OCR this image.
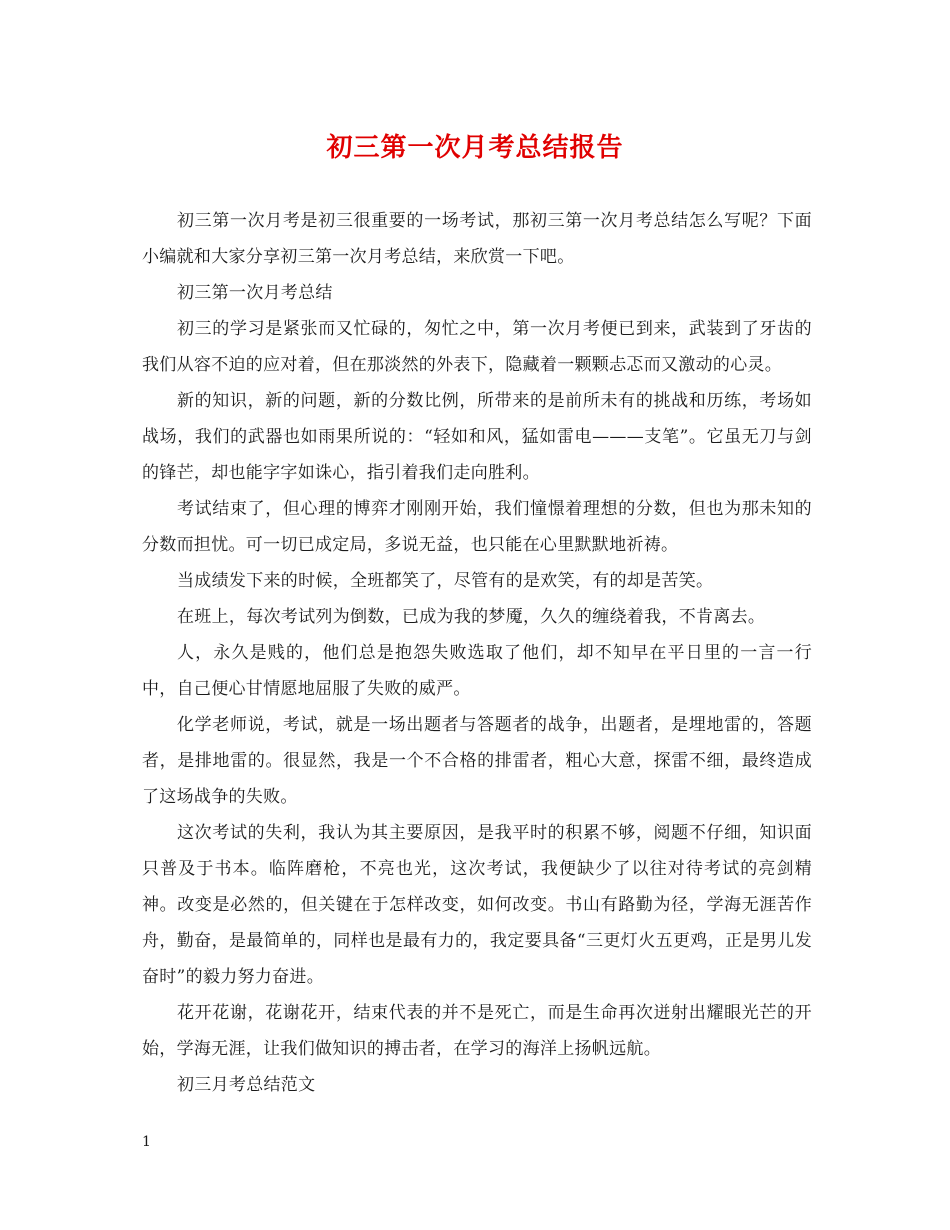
初三第一次月考总结报告

初三第一次月考是初三很重要的一场考试，那初三第一次月考总结怎么写呢？下面小编就和大家分享初三第一次月考总结，来欣赏一下吧。

初三第一次月考总结

初三的学习是紧张而又忙碌的，匆忙之中，第一次月考便已到来，武装到了牙齿的我们从容不迫的应对着，但在那淡然的外表下，隐藏着一颗颗忐忑而又激动的心灵。

新的知识，新的问题，新的分数比例，所带来的是前所未有的挑战和历练，考场如战场，我们的武器也如雨果所说的：“轻如和风，猛如雷电———支笔”。它虽无刀与剑的锋芒，却也能字字如诛心，指引着我们走向胜利。

考试结束了，但心理的博弈才刚刚开始，我们憧憬着理想的分数，但也为那未知的分数而担忧。可一切已成定局，多说无益，也只能在心里默默地祈祷。

当成绩发下来的时候，全班都笑了，尽管有的是欢笑，有的却是苦笑。

在班上，每次考试列为倒数，已成为我的梦魇，久久的缠绕着我，不肯离去。

人，永久是贱的，他们总是抱怨失败选取了他们，却不知早在平日里的一言一行中，自己便心甘情愿地屈服了失败的威严。

化学老师说，考试，就是一场出题者与答题者的战争，出题者，是埋地雷的，答题者，是排地雷的。很显然，我是一个不合格的排雷者，粗心大意，探雷不细，最终造成了这场战争的失败。

这次考试的失利，我认为其主要原因，是我平时的积累不够，阅题不仔细，知识面只普及于书本。临阵磨枪，不亮也光，这次考试，我便缺少了以往对待考试的亮剑精神。改变是必然的，但关键在于怎样改变，如何改变。书山有路勤为径，学海无涯苦作舟，勤奋，是最简单的，同样也是最有力的，我定要具备“三更灯火五更鸡，正是男儿发奋时”的毅力努力奋进。

花开花谢，花谢花开，结束代表的并不是死亡，而是生命再次迸射出耀眼光芒的开始，学海无涯，让我们做知识的搏击者，在学习的海洋上扬帆远航。

初三月考总结范文

1
